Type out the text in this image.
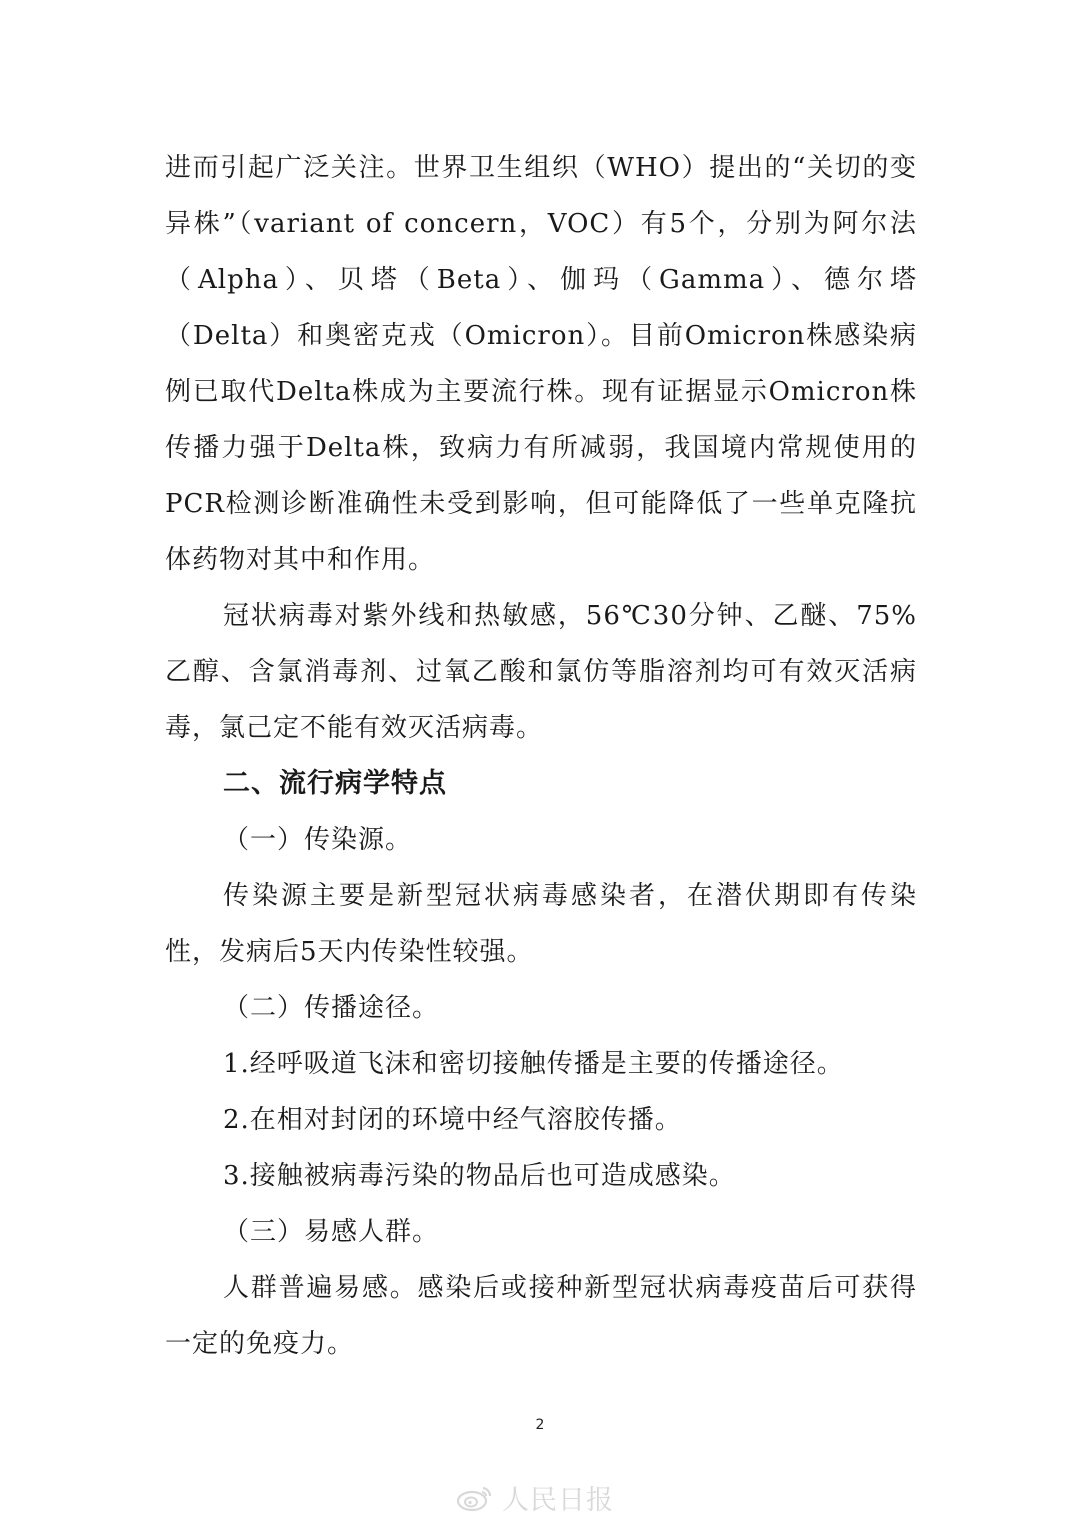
进而引起广泛关注。世界卫生组织（WHO）提出的“关切的变异株”（variant of concern，VOC）有5个，分别为阿尔法（Alpha）、贝塔（Beta）、伽玛（Gamma）、德尔塔（Delta）和奥密克戎（Omicron）。目前Omicron株感染病例已取代Delta株成为主要流行株。现有证据显示Omicron株传播力强于Delta株，致病力有所减弱，我国境内常规使用的PCR检测诊断准确性未受到影响，但可能降低了一些单克隆抗体药物对其中和作用。

冠状病毒对紫外线和热敏感，56℃30分钟、乙醚、75%乙醇、含氯消毒剂、过氧乙酸和氯仿等脂溶剂均可有效灭活病毒，氯己定不能有效灭活病毒。

二、流行病学特点

（一）传染源。

传染源主要是新型冠状病毒感染者，在潜伏期即有传染性，发病后5天内传染性较强。

（二）传播途径。

1.经呼吸道飞沫和密切接触传播是主要的传播途径。

2.在相对封闭的环境中经气溶胶传播。

3.接触被病毒污染的物品后也可造成感染。

（三）易感人群。

人群普遍易感。感染后或接种新型冠状病毒疫苗后可获得一定的免疫力。

2
人民日报
